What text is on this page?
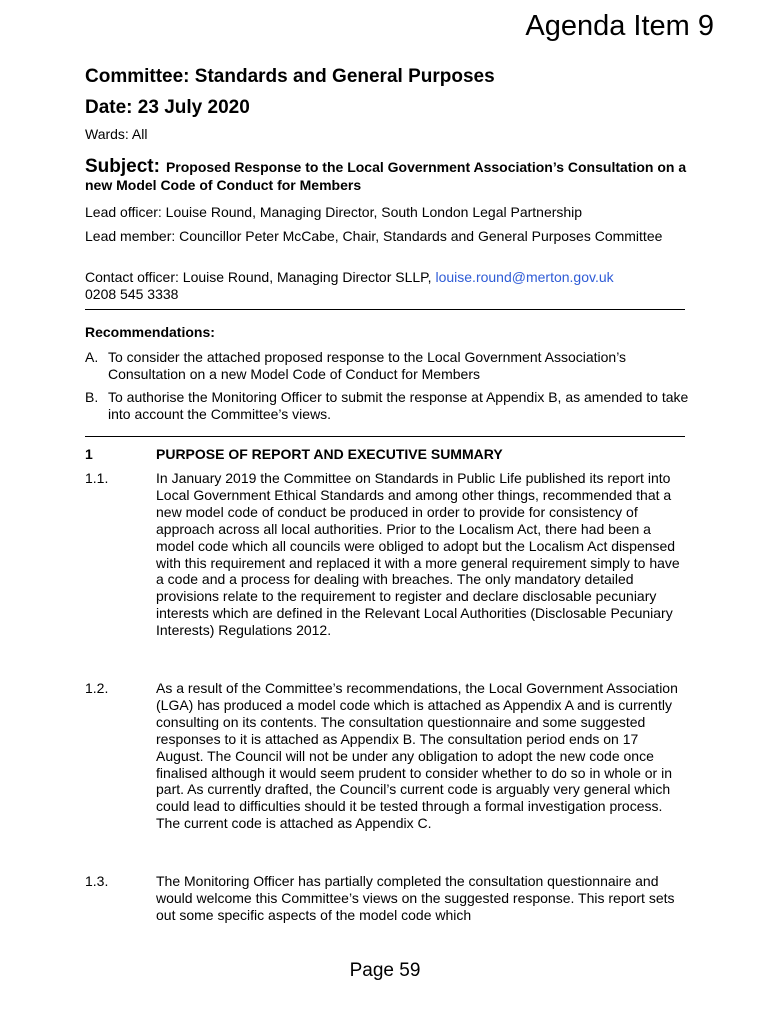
Agenda Item 9
Committee: Standards and General Purposes
Date: 23 July 2020
Wards: All
Subject: Proposed Response to the Local Government Association’s Consultation on a new Model Code of Conduct for Members
Lead officer: Louise Round, Managing Director, South London Legal Partnership
Lead member: Councillor Peter McCabe, Chair, Standards and General Purposes Committee
Contact officer: Louise Round, Managing Director SLLP, louise.round@merton.gov.uk
0208 545 3338
Recommendations:
A. To consider the attached proposed response to the Local Government Association’s Consultation on a new Model Code of Conduct for Members
B. To authorise the Monitoring Officer to submit the response at Appendix B, as amended to take into account the Committee’s views.
1	PURPOSE OF REPORT AND EXECUTIVE SUMMARY
1.1.	In January 2019 the Committee on Standards in Public Life published its report into Local Government Ethical Standards and among other things, recommended that a new model code of conduct be produced in order to provide for consistency of approach across all local authorities. Prior to the Localism Act, there had been a model code which all councils were obliged to adopt but the Localism Act dispensed with this requirement and replaced it with a more general requirement simply to have a code and a process for dealing with breaches. The only mandatory detailed provisions relate to the requirement to register and declare disclosable pecuniary interests which are defined in the Relevant Local Authorities (Disclosable Pecuniary Interests) Regulations 2012.
1.2.	As a result of the Committee’s recommendations, the Local Government Association (LGA) has produced a model code which is attached as Appendix A and is currently consulting on its contents. The consultation questionnaire and some suggested responses to it is attached as Appendix B. The consultation period ends on 17 August. The Council will not be under any obligation to adopt the new code once finalised although it would seem prudent to consider whether to do so in whole or in part. As currently drafted, the Council’s current code is arguably very general which could lead to difficulties should it be tested through a formal investigation process. The current code is attached as Appendix C.
1.3.	The Monitoring Officer has partially completed the consultation questionnaire and would welcome this Committee’s views on the suggested response. This report sets out some specific aspects of the model code which
Page 59
